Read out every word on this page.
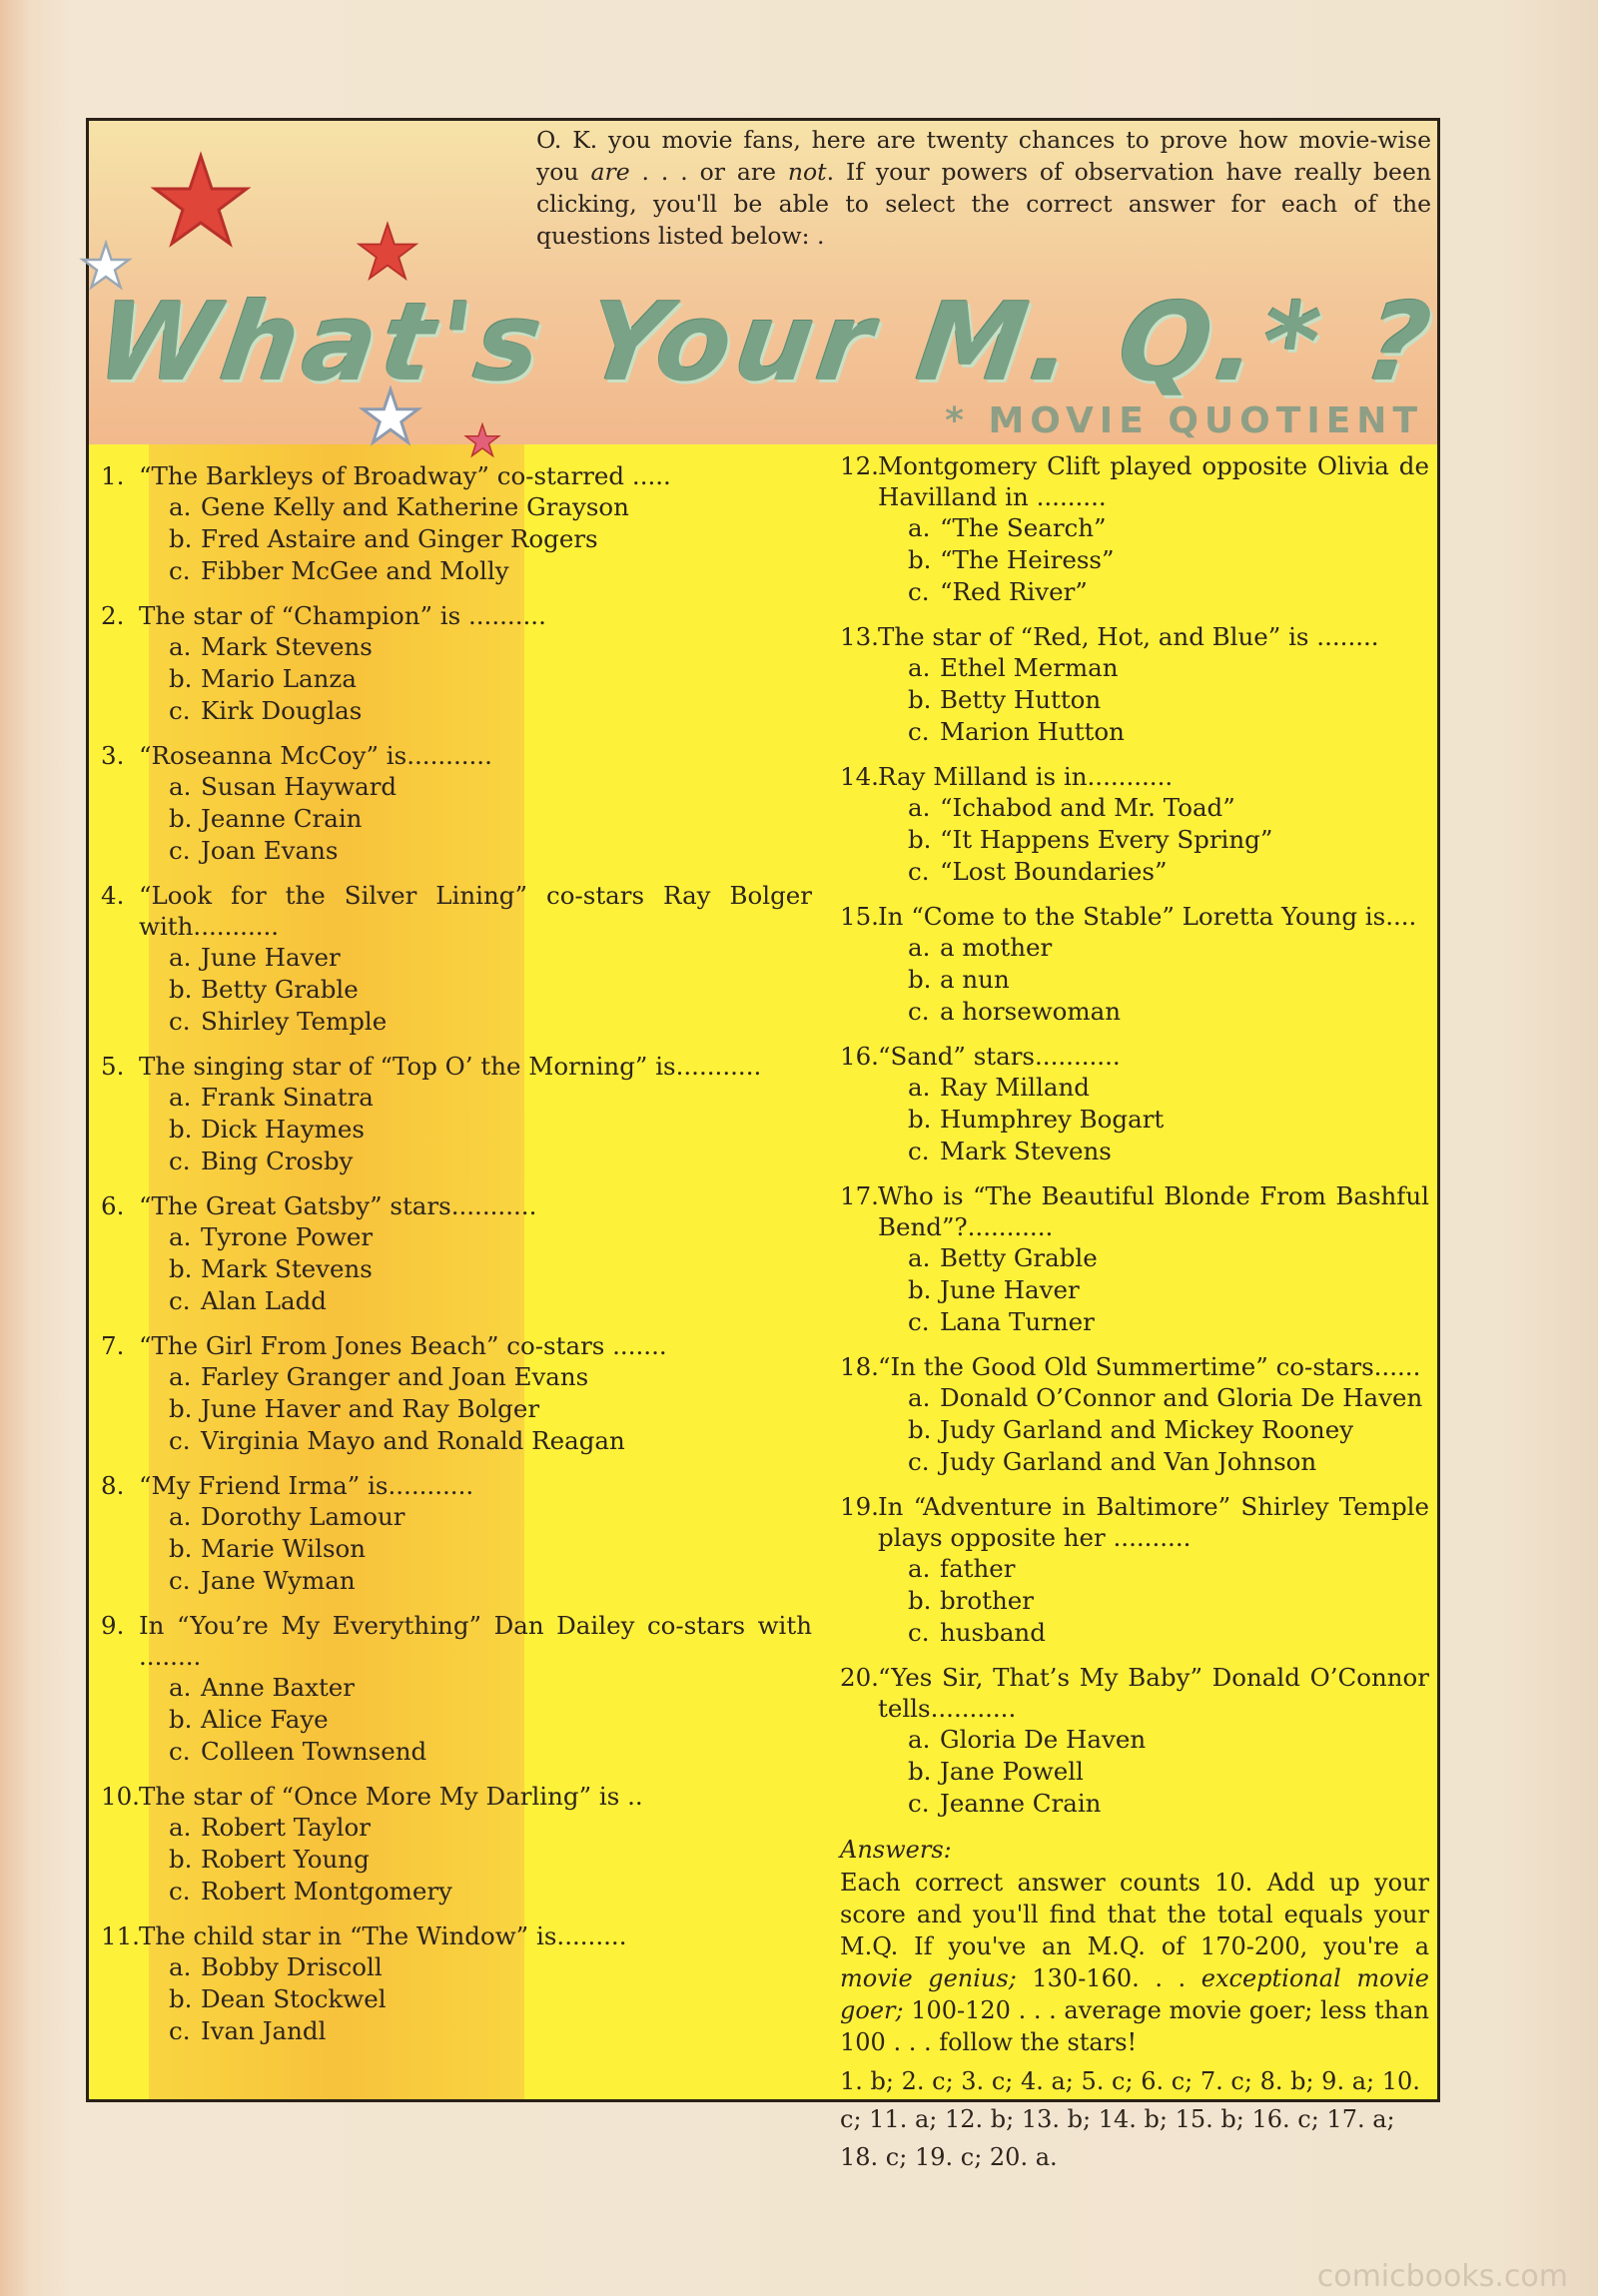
O. K. you movie fans, here are twenty chances to prove how movie-wise you are . . . or are not. If your powers of observation have really been clicking, you'll be able to select the correct answer for each of the questions listed below: .
What's Your M. Q.* ?
* MOVIE QUOTIENT
1. “The Barkleys of Broadway” co-starred .....
a. Gene Kelly and Katherine Grayson
b. Fred Astaire and Ginger Rogers
c. Fibber McGee and Molly
2. The star of “Champion” is ..........
a. Mark Stevens
b. Mario Lanza
c. Kirk Douglas
3. “Roseanna McCoy” is...........
a. Susan Hayward
b. Jeanne Crain
c. Joan Evans
4. “Look for the Silver Lining” co-stars Ray Bolger with...........
a. June Haver
b. Betty Grable
c. Shirley Temple
5. The singing star of “Top O’ the Morning” is...........
a. Frank Sinatra
b. Dick Haymes
c. Bing Crosby
6. “The Great Gatsby” stars...........
a. Tyrone Power
b. Mark Stevens
c. Alan Ladd
7. “The Girl From Jones Beach” co-stars .......
a. Farley Granger and Joan Evans
b. June Haver and Ray Bolger
c. Virginia Mayo and Ronald Reagan
8. “My Friend Irma” is...........
a. Dorothy Lamour
b. Marie Wilson
c. Jane Wyman
9. In “You’re My Everything” Dan Dailey co-stars with ........
a. Anne Baxter
b. Alice Faye
c. Colleen Townsend
10. The star of “Once More My Darling” is ..
a. Robert Taylor
b. Robert Young
c. Robert Montgomery
11. The child star in “The Window” is.........
a. Bobby Driscoll
b. Dean Stockwel
c. Ivan Jandl
12. Montgomery Clift played opposite Olivia de Havilland in .........
a. “The Search”
b. “The Heiress”
c. “Red River”
13. The star of “Red, Hot, and Blue” is ........
a. Ethel Merman
b. Betty Hutton
c. Marion Hutton
14. Ray Milland is in...........
a. “Ichabod and Mr. Toad”
b. “It Happens Every Spring”
c. “Lost Boundaries”
15. In “Come to the Stable” Loretta Young is....
a. a mother
b. a nun
c. a horsewoman
16. “Sand” stars...........
a. Ray Milland
b. Humphrey Bogart
c. Mark Stevens
17. Who is “The Beautiful Blonde From Bashful Bend”?...........
a. Betty Grable
b. June Haver
c. Lana Turner
18. “In the Good Old Summertime” co-stars......
a. Donald O’Connor and Gloria De Haven
b. Judy Garland and Mickey Rooney
c. Judy Garland and Van Johnson
19. In “Adventure in Baltimore” Shirley Temple plays opposite her ..........
a. father
b. brother
c. husband
20. “Yes Sir, That’s My Baby” Donald O’Connor tells...........
a. Gloria De Haven
b. Jane Powell
c. Jeanne Crain
Answers:
Each correct answer counts 10. Add up your score and you'll find that the total equals your M.Q. If you've an M.Q. of 170-200, you're a movie genius; 130-160. . . exceptional movie goer; 100-120 . . . average movie goer; less than 100 . . . follow the stars!
1. b; 2. c; 3. c; 4. a; 5. c; 6. c; 7. c; 8. b; 9. a; 10. c; 11. a; 12. b; 13. b; 14. b; 15. b; 16. c; 17. a; 18. c; 19. c; 20. a.
comicbooks.com
